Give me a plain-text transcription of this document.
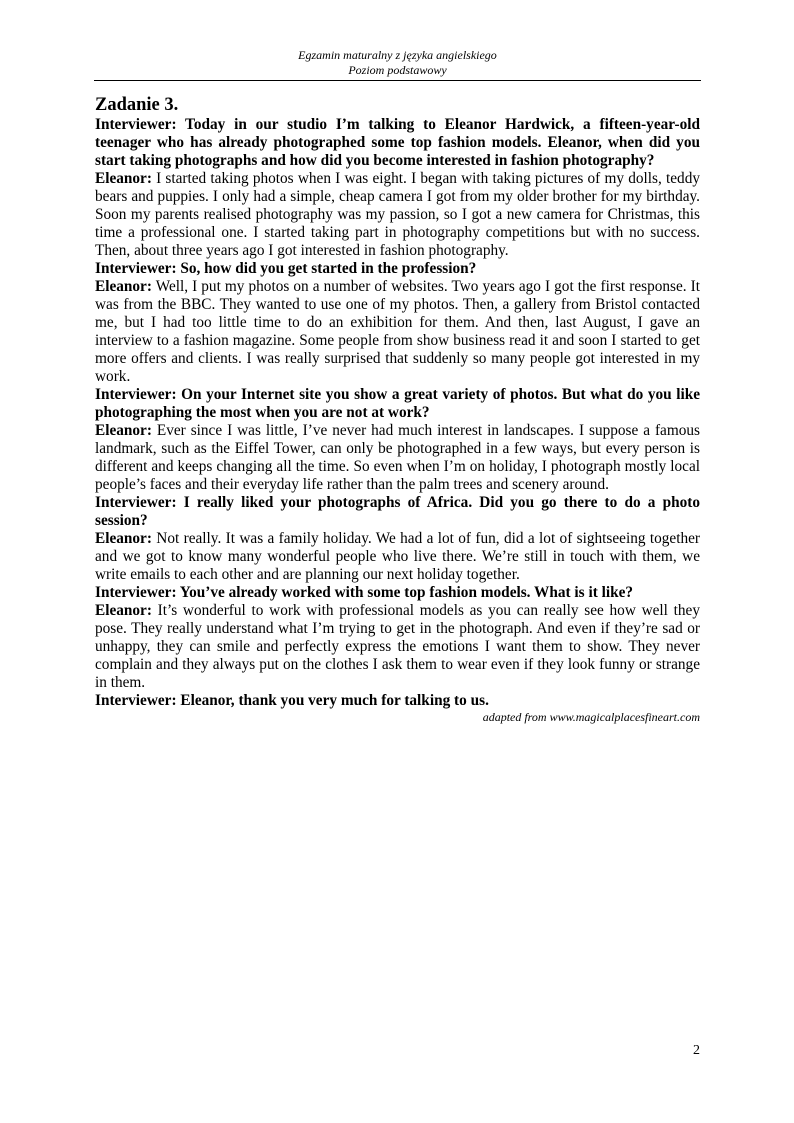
Egzamin maturalny z języka angielskiego
Poziom podstawowy
Zadanie 3.

Interviewer: Today in our studio I’m talking to Eleanor Hardwick, a fifteen-year-old teenager who has already photographed some top fashion models. Eleanor, when did you start taking photographs and how did you become interested in fashion photography?

Eleanor: I started taking photos when I was eight. I began with taking pictures of my dolls, teddy bears and puppies. I only had a simple, cheap camera I got from my older brother for my birthday. Soon my parents realised photography was my passion, so I got a new camera for Christmas, this time a professional one. I started taking part in photography competitions but with no success. Then, about three years ago I got interested in fashion photography.

Interviewer: So, how did you get started in the profession?

Eleanor: Well, I put my photos on a number of websites. Two years ago I got the first response. It was from the BBC. They wanted to use one of my photos. Then, a gallery from Bristol contacted me, but I had too little time to do an exhibition for them. And then, last August, I gave an interview to a fashion magazine. Some people from show business read it and soon I started to get more offers and clients. I was really surprised that suddenly so many people got interested in my work.

Interviewer: On your Internet site you show a great variety of photos. But what do you like photographing the most when you are not at work?

Eleanor: Ever since I was little, I’ve never had much interest in landscapes. I suppose a famous landmark, such as the Eiffel Tower, can only be photographed in a few ways, but every person is different and keeps changing all the time. So even when I’m on holiday, I photograph mostly local people’s faces and their everyday life rather than the palm trees and scenery around.

Interviewer: I really liked your photographs of Africa. Did you go there to do a photo session?

Eleanor: Not really. It was a family holiday. We had a lot of fun, did a lot of sightseeing together and we got to know many wonderful people who live there. We’re still in touch with them, we write emails to each other and are planning our next holiday together.

Interviewer: You’ve already worked with some top fashion models. What is it like?

Eleanor: It’s wonderful to work with professional models as you can really see how well they pose. They really understand what I’m trying to get in the photograph. And even if they’re sad or unhappy, they can smile and perfectly express the emotions I want them to show. They never complain and they always put on the clothes I ask them to wear even if they look funny or strange in them.

Interviewer: Eleanor, thank you very much for talking to us.

adapted from www.magicalplacesfineart.com

2
